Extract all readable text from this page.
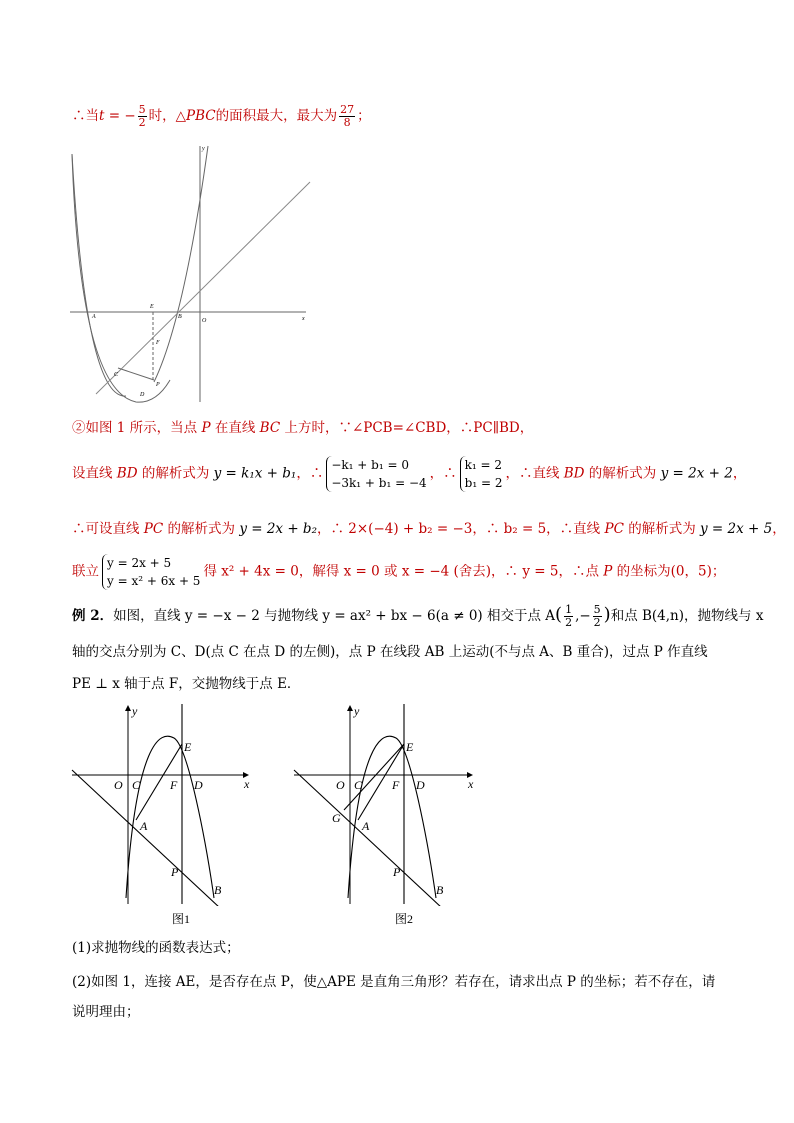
∴当t = − $\frac{5}{2}$ 时，△PBC的面积最大，最大为 $\frac{27}{8}$ ；
y
x
A
E
B
O
F
C
P
D
②如图 1 所示，当点 P 在直线 BC 上方时，∵∠PCB=∠CBD，∴PC∥BD，
设直线 BD 的解析式为 y = k₁x + b₁，∴
−k₁ + b₁ = 0
−3k₁ + b₁ = −4
，∴
k₁ = 2
b₁ = 2
，∴直线 BD 的解析式为 y = 2x + 2，
∴可设直线 PC 的解析式为 y = 2x + b₂，∴ 2×(−4) + b₂ = −3，∴ b₂ = 5，∴直线 PC 的解析式为 y = 2x + 5，
联立
y = 2x + 5
y = x² + 6x + 5
得 x² + 4x = 0，解得 x = 0 或 x = −4 (舍去)，∴ y = 5，∴点 P 的坐标为(0，5)；
例 2．如图，直线 y = −x − 2 与抛物线 y = ax² + bx − 6(a ≠ 0) 相交于点 $A( \frac{1}{2}$ ,− $\frac{5}{2}$ )和点 B(4,n)，抛物线与 x
轴的交点分别为 C、D(点 C 在点 D 的左侧)，点 P 在线段 AB 上运动(不与点 A、B 重合)，过点 P 作直线
PE ⊥ x 轴于点 F，交抛物线于点 E．
y
x
O C F D
E
A
P
B
图1
y
x
O C F D
E
A
G
P
B
图2
(1)求抛物线的函数表达式；
(2)如图 1，连接 AE，是否存在点 P，使△APE 是直角三角形？若存在，请求出点 P 的坐标；若不存在，请
说明理由；
